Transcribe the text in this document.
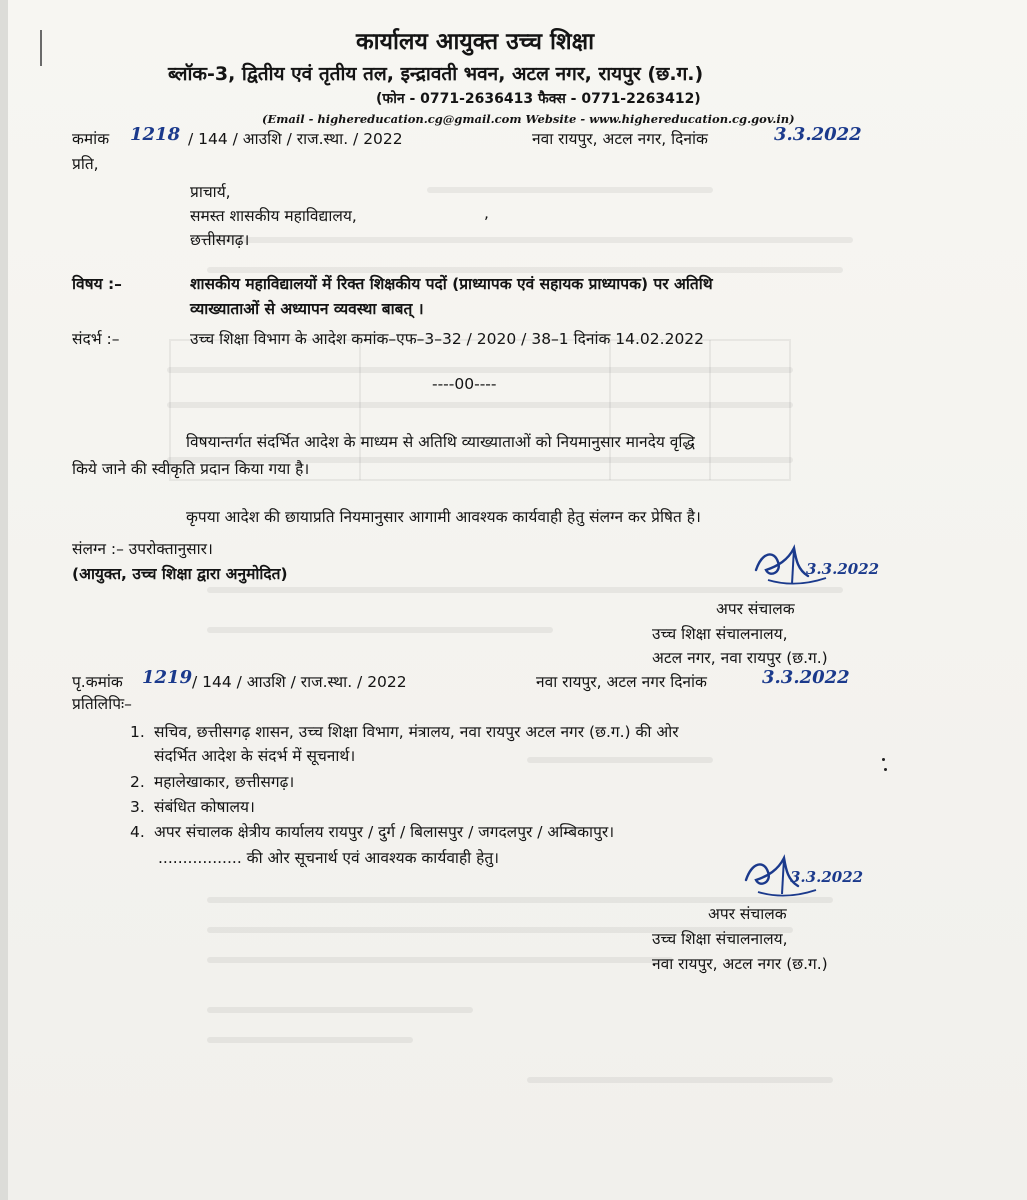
कार्यालय आयुक्त उच्च शिक्षा
ब्लॉक-3, द्वितीय एवं तृतीय तल, इन्द्रावती भवन, अटल नगर, रायपुर (छ.ग.)
(फोन - 0771-2636413 फैक्स - 0771-2263412)
(Email - highereducation.cg@gmail.com Website - www.highereducation.cg.gov.in)
कमांक 1218 / 144 / आउशि / राज.स्था. / 2022	नवा रायपुर, अटल नगर, दिनांक	3.3.2022
प्रति,
प्राचार्य,
समस्त शासकीय महाविद्यालय,	,
छत्तीसगढ़।
विषय :–	शासकीय महाविद्यालयों में रिक्त शिक्षकीय पदों (प्राध्यापक एवं सहायक प्राध्यापक) पर अतिथि
व्याख्याताओं से अध्यापन व्यवस्था बाबत् ।
संदर्भ :–	उच्च शिक्षा विभाग के आदेश कमांक–एफ–3–32 / 2020 / 38–1 दिनांक 14.02.2022
----00----
विषयान्तर्गत संदर्भित आदेश के माध्यम से अतिथि व्याख्याताओं को नियमानुसार मानदेय वृद्धि
किये जाने की स्वीकृति प्रदान किया गया है।
कृपया आदेश की छायाप्रति नियमानुसार आगामी आवश्यक कार्यवाही हेतु संलग्न कर प्रेषित है।
संलग्न :– उपरोक्तानुसार।
(आयुक्त, उच्च शिक्षा द्वारा अनुमोदित)	3.3.2022
अपर संचालक
उच्च शिक्षा संचालनालय,
अटल नगर, नवा रायपुर (छ.ग.)
पृ.कमांक 1219 / 144 / आउशि / राज.स्था. / 2022	नवा रायपुर, अटल नगर दिनांक	3.3.2022
प्रतिलिपिः–
1. सचिव, छत्तीसगढ़ शासन, उच्च शिक्षा विभाग, मंत्रालय, नवा रायपुर अटल नगर (छ.ग.) की ओर
संदर्भित आदेश के संदर्भ में सूचनार्थ।
2. महालेखाकार, छत्तीसगढ़।
3. संबंधित कोषालय।
4. अपर संचालक क्षेत्रीय कार्यालय रायपुर / दुर्ग / बिलासपुर / जगदलपुर / अम्बिकापुर।
................. की ओर सूचनार्थ एवं आवश्यक कार्यवाही हेतु।
3.3.2022
अपर संचालक
उच्च शिक्षा संचालनालय,
नवा रायपुर, अटल नगर (छ.ग.)
